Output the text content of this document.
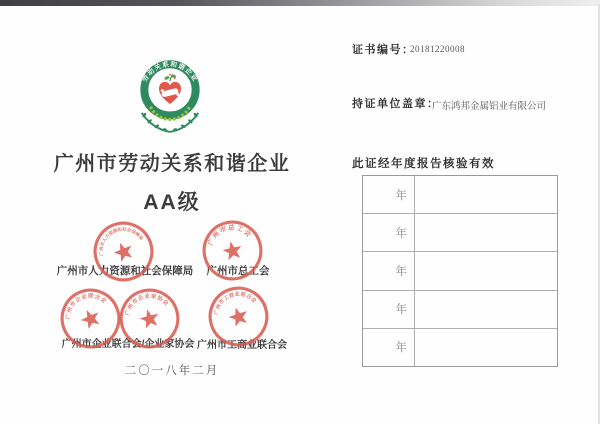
劳动关系和谐企业

广州市劳动关系和谐企业

AA级

广州市人力资源和社会保障局	广州市总工会
广州市企业联合会/企业家协会 广州市工商业联合会
广州市人力资源和社会保障局	广州市总工会
广州市企业联合会
广州市企业家协会
广州市工商业联合会
二〇一八年二月
证书编号：
20181220008
持证单位盖章：
广东鸿邦金属铝业有限公司
此证经年度报告核验有效
年
年
年
年
年
